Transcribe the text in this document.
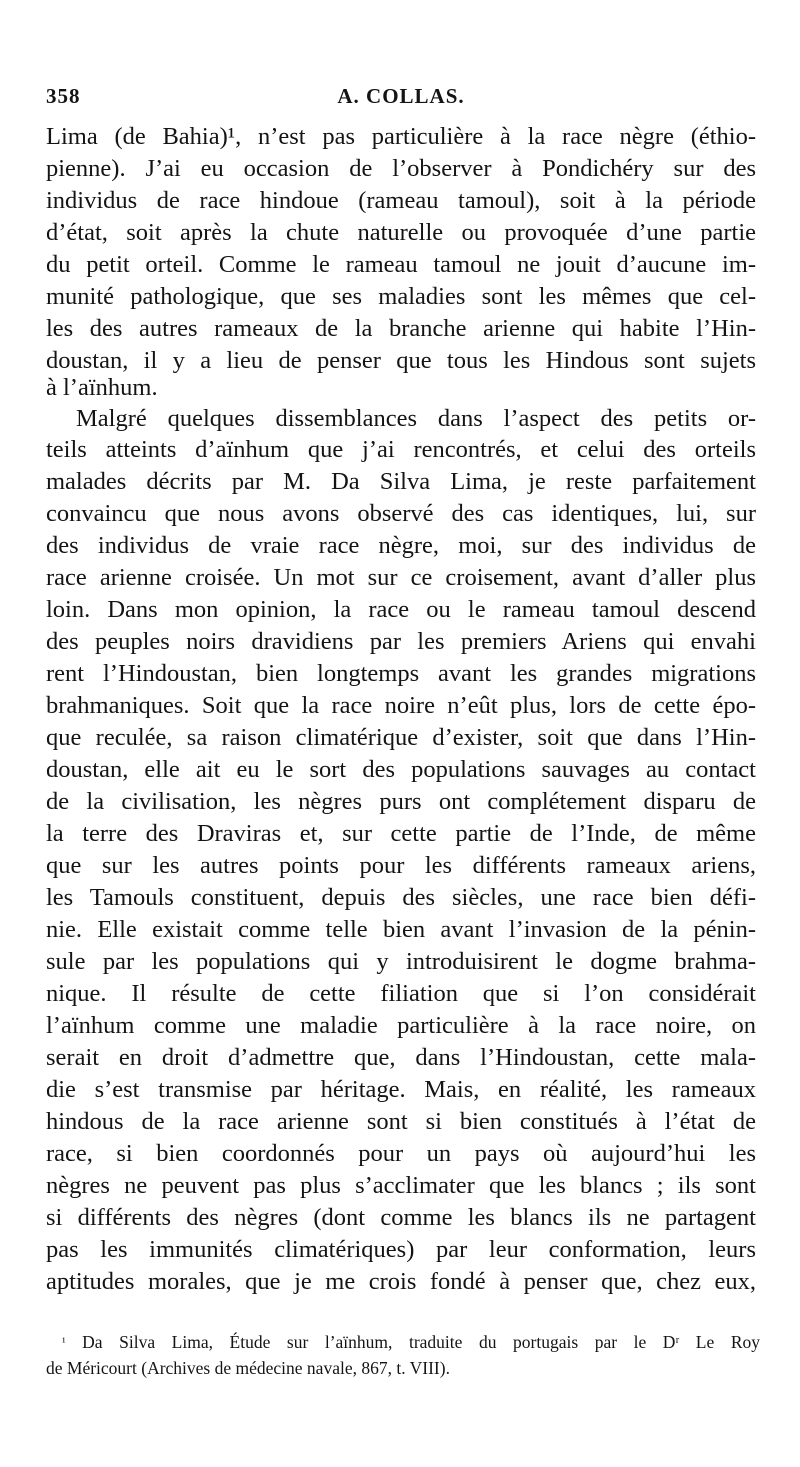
358	A. COLLAS.
Lima (de Bahia)¹, n’est pas particulière à la race nègre (éthio-
pienne). J’ai eu occasion de l’observer à Pondichéry sur des
individus de race hindoue (rameau tamoul), soit à la période
d’état, soit après la chute naturelle ou provoquée d’une partie
du petit orteil. Comme le rameau tamoul ne jouit d’aucune im-
munité pathologique, que ses maladies sont les mêmes que cel-
les des autres rameaux de la branche arienne qui habite l’Hin-
doustan, il y a lieu de penser que tous les Hindous sont sujets
à l’aïnhum.
Malgré quelques dissemblances dans l’aspect des petits or-
teils atteints d’aïnhum que j’ai rencontrés, et celui des orteils
malades décrits par M. Da Silva Lima, je reste parfaitement
convaincu que nous avons observé des cas identiques, lui, sur
des individus de vraie race nègre, moi, sur des individus de
race arienne croisée. Un mot sur ce croisement, avant d’aller plus
loin. Dans mon opinion, la race ou le rameau tamoul descend
des peuples noirs dravidiens par les premiers Ariens qui envahi
rent l’Hindoustan, bien longtemps avant les grandes migrations
brahmaniques. Soit que la race noire n’eût plus, lors de cette épo-
que reculée, sa raison climatérique d’exister, soit que dans l’Hin-
doustan, elle ait eu le sort des populations sauvages au contact
de la civilisation, les nègres purs ont complétement disparu de
la terre des Draviras et, sur cette partie de l’Inde, de même
que sur les autres points pour les différents rameaux ariens,
les Tamouls constituent, depuis des siècles, une race bien défi-
nie. Elle existait comme telle bien avant l’invasion de la pénin-
sule par les populations qui y introduisirent le dogme brahma-
nique. Il résulte de cette filiation que si l’on considérait
l’aïnhum comme une maladie particulière à la race noire, on
serait en droit d’admettre que, dans l’Hindoustan, cette mala-
die s’est transmise par héritage. Mais, en réalité, les rameaux
hindous de la race arienne sont si bien constitués à l’état de
race, si bien coordonnés pour un pays où aujourd’hui les
nègres ne peuvent pas plus s’acclimater que les blancs ; ils sont
si différents des nègres (dont comme les blancs ils ne partagent
pas les immunités climatériques) par leur conformation, leurs
aptitudes morales, que je me crois fondé à penser que, chez eux,
$^{^1}$ Da Silva Lima, Étude sur l’aïnhum, traduite du portugais par le Dʳ Le Roy
de Méricourt (Archives de médecine navale, 867, t. VIII).
